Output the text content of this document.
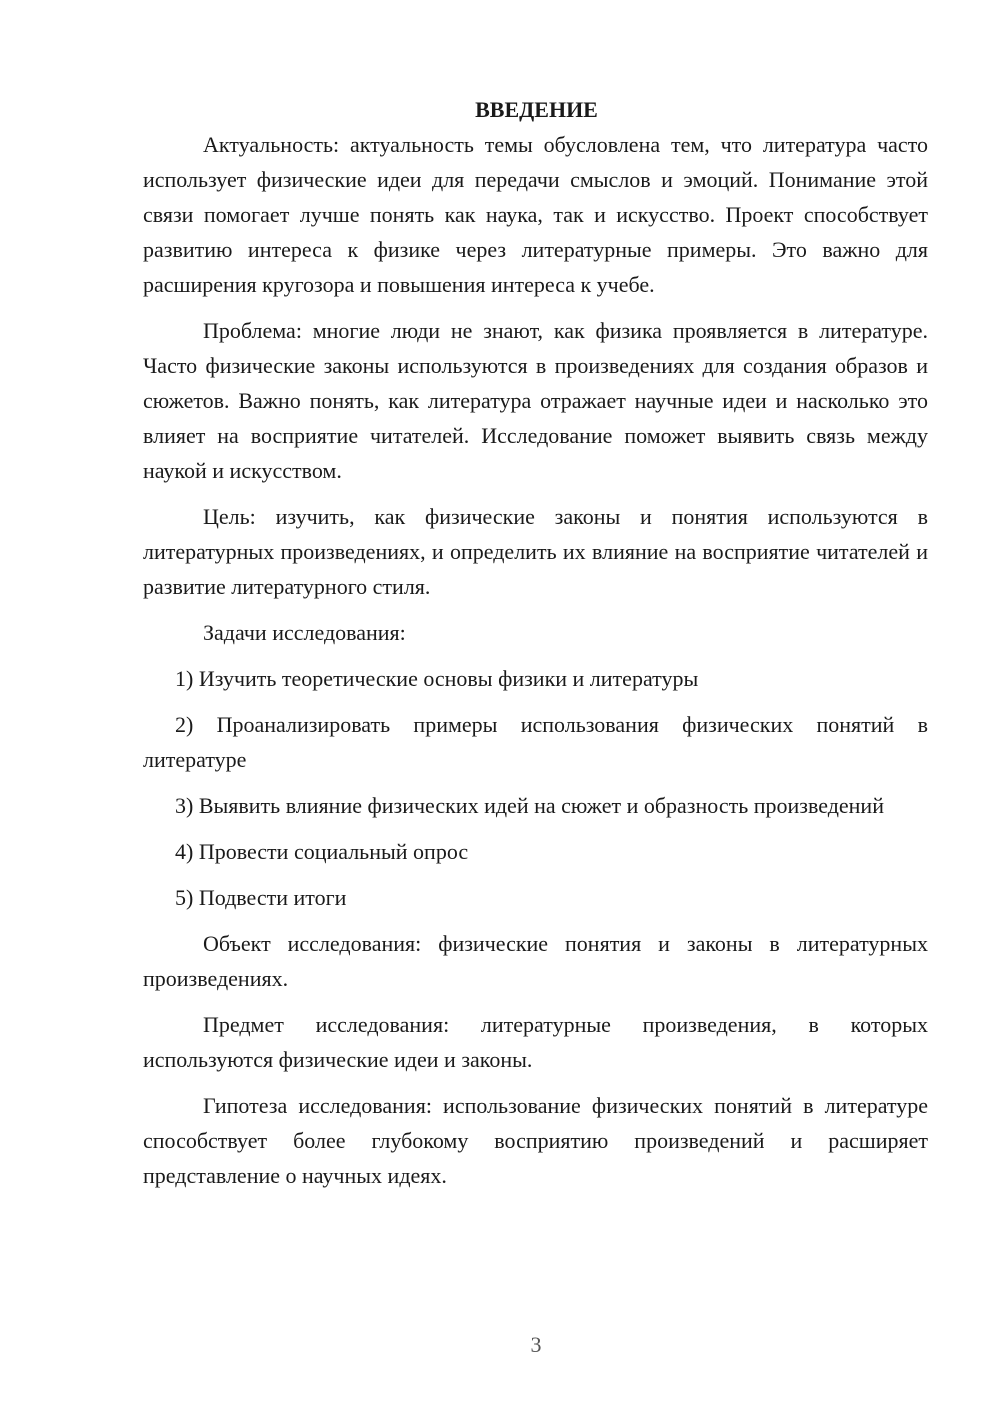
ВВЕДЕНИЕ

Актуальность: актуальность темы обусловлена тем, что литература часто использует физические идеи для передачи смыслов и эмоций. Понимание этой связи помогает лучше понять как наука, так и искусство. Проект способствует развитию интереса к физике через литературные примеры. Это важно для расширения кругозора и повышения интереса к учебе.

Проблема: многие люди не знают, как физика проявляется в литературе. Часто физические законы используются в произведениях для создания образов и сюжетов. Важно понять, как литература отражает научные идеи и насколько это влияет на восприятие читателей. Исследование поможет выявить связь между наукой и искусством.

Цель: изучить, как физические законы и понятия используются в литературных произведениях, и определить их влияние на восприятие читателей и развитие литературного стиля.

Задачи исследования:

1) Изучить теоретические основы физики и литературы

2) Проанализировать примеры использования физических понятий в литературе

3) Выявить влияние физических идей на сюжет и образность произведений

4) Провести социальный опрос

5) Подвести итоги

Объект исследования: физические понятия и законы в литературных произведениях.

Предмет исследования: литературные произведения, в которых используются физические идеи и законы.

Гипотеза исследования: использование физических понятий в литературе способствует более глубокому восприятию произведений и расширяет представление о научных идеях.

3
